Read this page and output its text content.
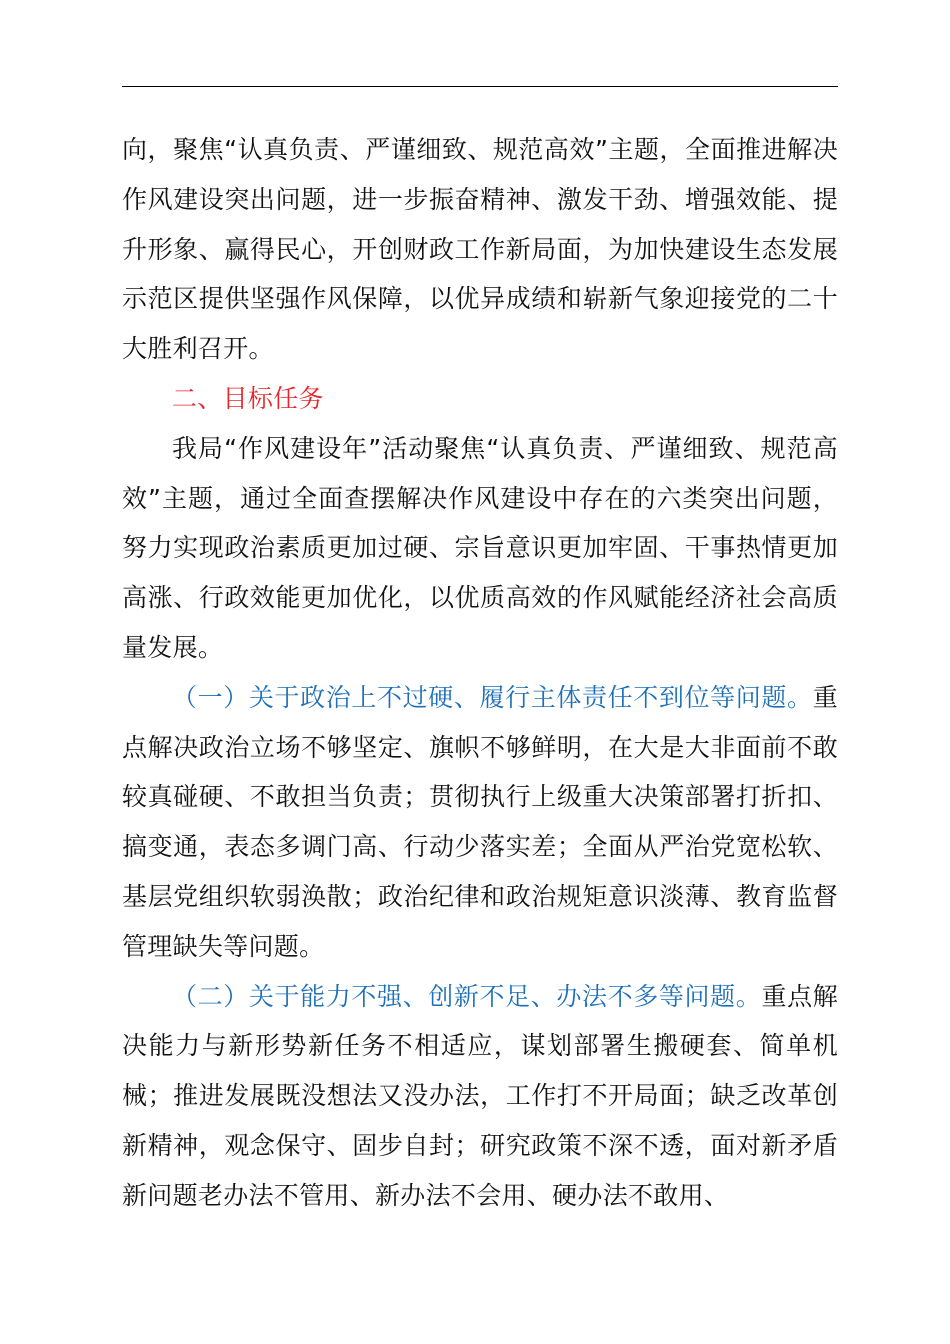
向，聚焦“认真负责、严谨细致、规范高效”主题，全面推进解决作风建设突出问题，进一步振奋精神、激发干劲、增强效能、提升形象、赢得民心，开创财政工作新局面，为加快建设生态发展示范区提供坚强作风保障，以优异成绩和崭新气象迎接党的二十大胜利召开。

二、目标任务

我局“作风建设年”活动聚焦“认真负责、严谨细致、规范高效”主题，通过全面查摆解决作风建设中存在的六类突出问题，努力实现政治素质更加过硬、宗旨意识更加牢固、干事热情更加高涨、行政效能更加优化，以优质高效的作风赋能经济社会高质量发展。

（一）关于政治上不过硬、履行主体责任不到位等问题。重点解决政治立场不够坚定、旗帜不够鲜明，在大是大非面前不敢较真碰硬、不敢担当负责；贯彻执行上级重大决策部署打折扣、搞变通，表态多调门高、行动少落实差；全面从严治党宽松软、基层党组织软弱涣散；政治纪律和政治规矩意识淡薄、教育监督管理缺失等问题。

（二）关于能力不强、创新不足、办法不多等问题。重点解决能力与新形势新任务不相适应，谋划部署生搬硬套、简单机械；推进发展既没想法又没办法，工作打不开局面；缺乏改革创新精神，观念保守、固步自封；研究政策不深不透，面对新矛盾新问题老办法不管用、新办法不会用、硬办法不敢用、
